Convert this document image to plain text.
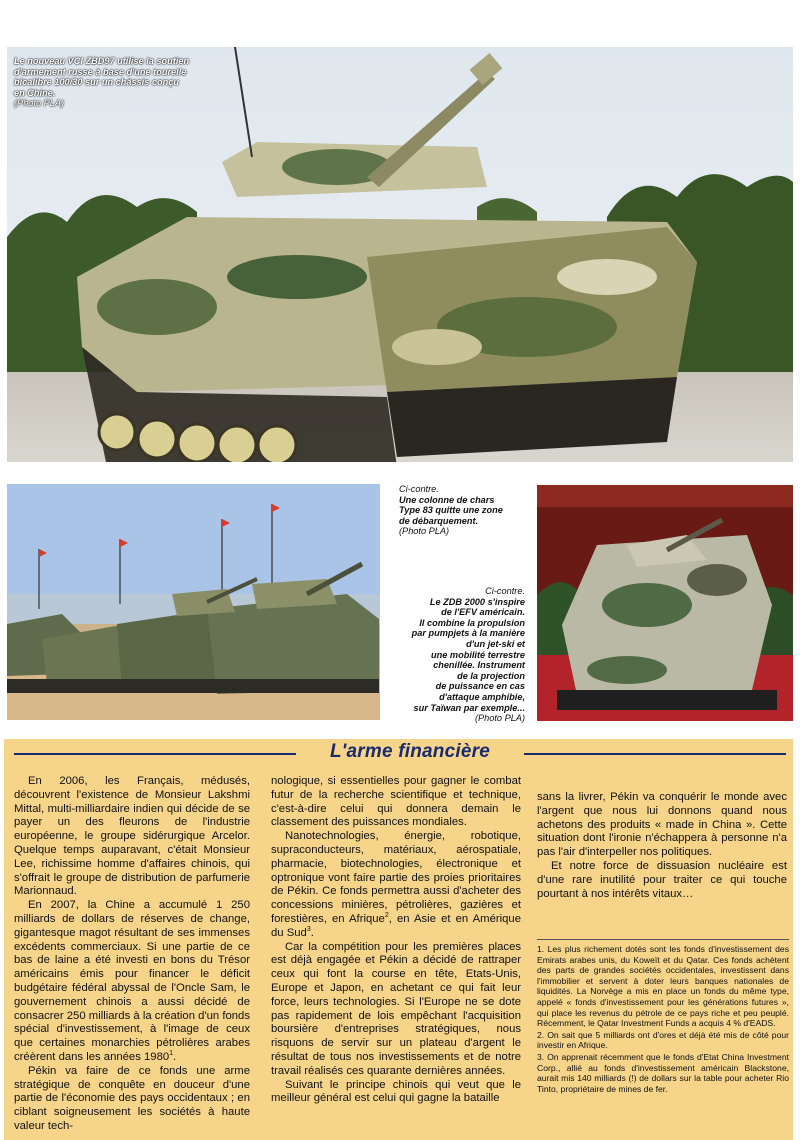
Le nouveau VCI ZBD97 utilise la soutien
d'armement russe à base d'une tourelle
bicalibre 100/30 sur un châssis conçu
en Chine.
(Photo PLA)
Ci-contre.
Une colonne de chars
Type 83 quitte une zone
de débarquement.
(Photo PLA)
Ci-contre.
Le ZDB 2000 s'inspire
de l'EFV américain.
Il combine la propulsion
par pumpjets à la manière
d'un jet-ski et
une mobilité terrestre
chenillée. Instrument
de la projection
de puissance en cas
d'attaque amphibie,
sur Taïwan par exemple...
(Photo PLA)
L'arme financière

En 2006, les Français, médusés, découvrent l'existence de Monsieur Lakshmi Mittal, multi-milliardaire indien qui décide de se payer un des fleurons de l'industrie européenne, le groupe sidérurgique Arcelor. Quelque temps auparavant, c'était Monsieur Lee, richissime homme d'affaires chinois, qui s'offrait le groupe de distribution de parfumerie Marionnaud.

En 2007, la Chine a accumulé 1 250 milliards de dollars de réserves de change, gigantesque magot résultant de ses immenses excédents commerciaux. Si une partie de ce bas de laine a été investi en bons du Trésor américains émis pour financer le déficit budgétaire fédéral abyssal de l'Oncle Sam, le gouvernement chinois a aussi décidé de consacrer 250 milliards à la création d'un fonds spécial d'investissement, à l'image de ceux que certaines monarchies pétrolières arabes créèrent dans les années 1980$^1$.

Pékin va faire de ce fonds une arme stratégique de conquête en douceur d'une partie de l'économie des pays occidentaux ; en ciblant soigneusement les sociétés à haute valeur tech-

nologique, si essentielles pour gagner le combat futur de la recherche scientifique et technique, c'est-à-dire celui qui donnera demain le classement des puissances mondiales.

Nanotechnologies, énergie, robotique, supraconducteurs, matériaux, aérospatiale, pharmacie, biotechnologies, électronique et optronique vont faire partie des proies prioritaires de Pékin. Ce fonds permettra aussi d'acheter des concessions minières, pétrolières, gazières et forestières, en Afrique$^2$, en Asie et en Amérique du Sud$^3$.

Car la compétition pour les premières places est déjà engagée et Pékin a décidé de rattraper ceux qui font la course en tête, Etats-Unis, Europe et Japon, en achetant ce qui fait leur force, leurs technologies. Si l'Europe ne se dote pas rapidement de lois empêchant l'acquisition boursière d'entreprises stratégiques, nous risquons de servir sur un plateau d'argent le résultat de tous nos investissements et de notre travail réalisés ces quarante dernières années.

Suivant le principe chinois qui veut que le meilleur général est celui qui gagne la bataille

sans la livrer, Pékin va conquérir le monde avec l'argent que nous lui donnons quand nous achetons des produits « made in China ». Cette situation dont l'ironie n'échappera à personne n'a pas l'air d'interpeller nos politiques.

Et notre force de dissuasion nucléaire est d'une rare inutilité pour traiter ce qui touche pourtant à nos intérêts vitaux…

1. Les plus richement dotés sont les fonds d'investissement des Emirats arabes unis, du Koweït et du Qatar. Ces fonds achètent des parts de grandes sociétés occidentales, investissent dans l'immobilier et servent à doter leurs banques nationales de liquidités. La Norvège a mis en place un fonds du même type, appelé « fonds d'investissement pour les générations futures », qui place les revenus du pétrole de ce pays riche et peu peuplé. Récemment, le Qatar Investment Funds a acquis 4 % d'EADS.

2. On sait que 5 milliards ont d'ores et déjà été mis de côté pour investir en Afrique.

3. On apprenait récemment que le fonds d'Etat China Investment Corp., allié au fonds d'investissement américain Blackstone, aurait mis 140 milliards (!) de dollars sur la table pour acheter Rio Tinto, propriétaire de mines de fer.
